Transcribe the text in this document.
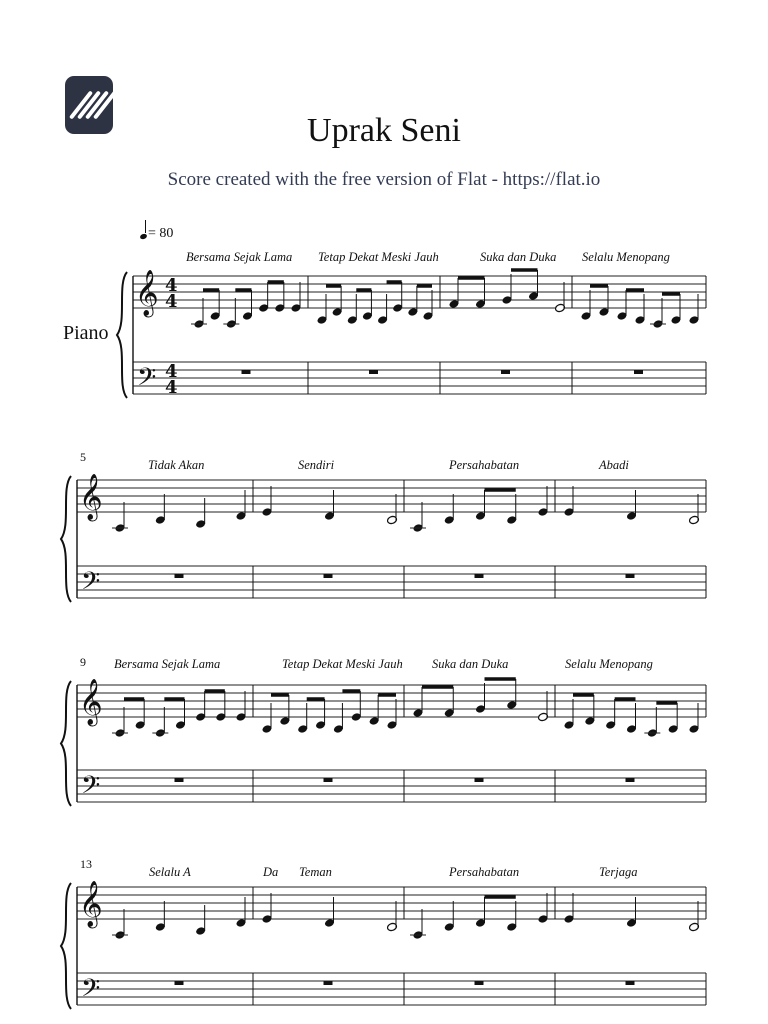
Uprak Seni
Score created with the free version of Flat - https://flat.io
= 80
Piano
Bersama Sejak Lama Tetap Dekat Meski Jauh	Suka dan Duka Selalu Menopang
5
Tidak Akan	Sendiri	Persahabatan	Abadi
9 Bersama Sejak Lama	Tetap Dekat Meski Jauh Suka dan Duka	Selalu Menopang
13
Selalu A	Da Teman	Persahabatan	Terjaga
𝄞
𝄢
4
4
4
4
𝄞
𝄢
𝄞
𝄢
𝄞
𝄢
